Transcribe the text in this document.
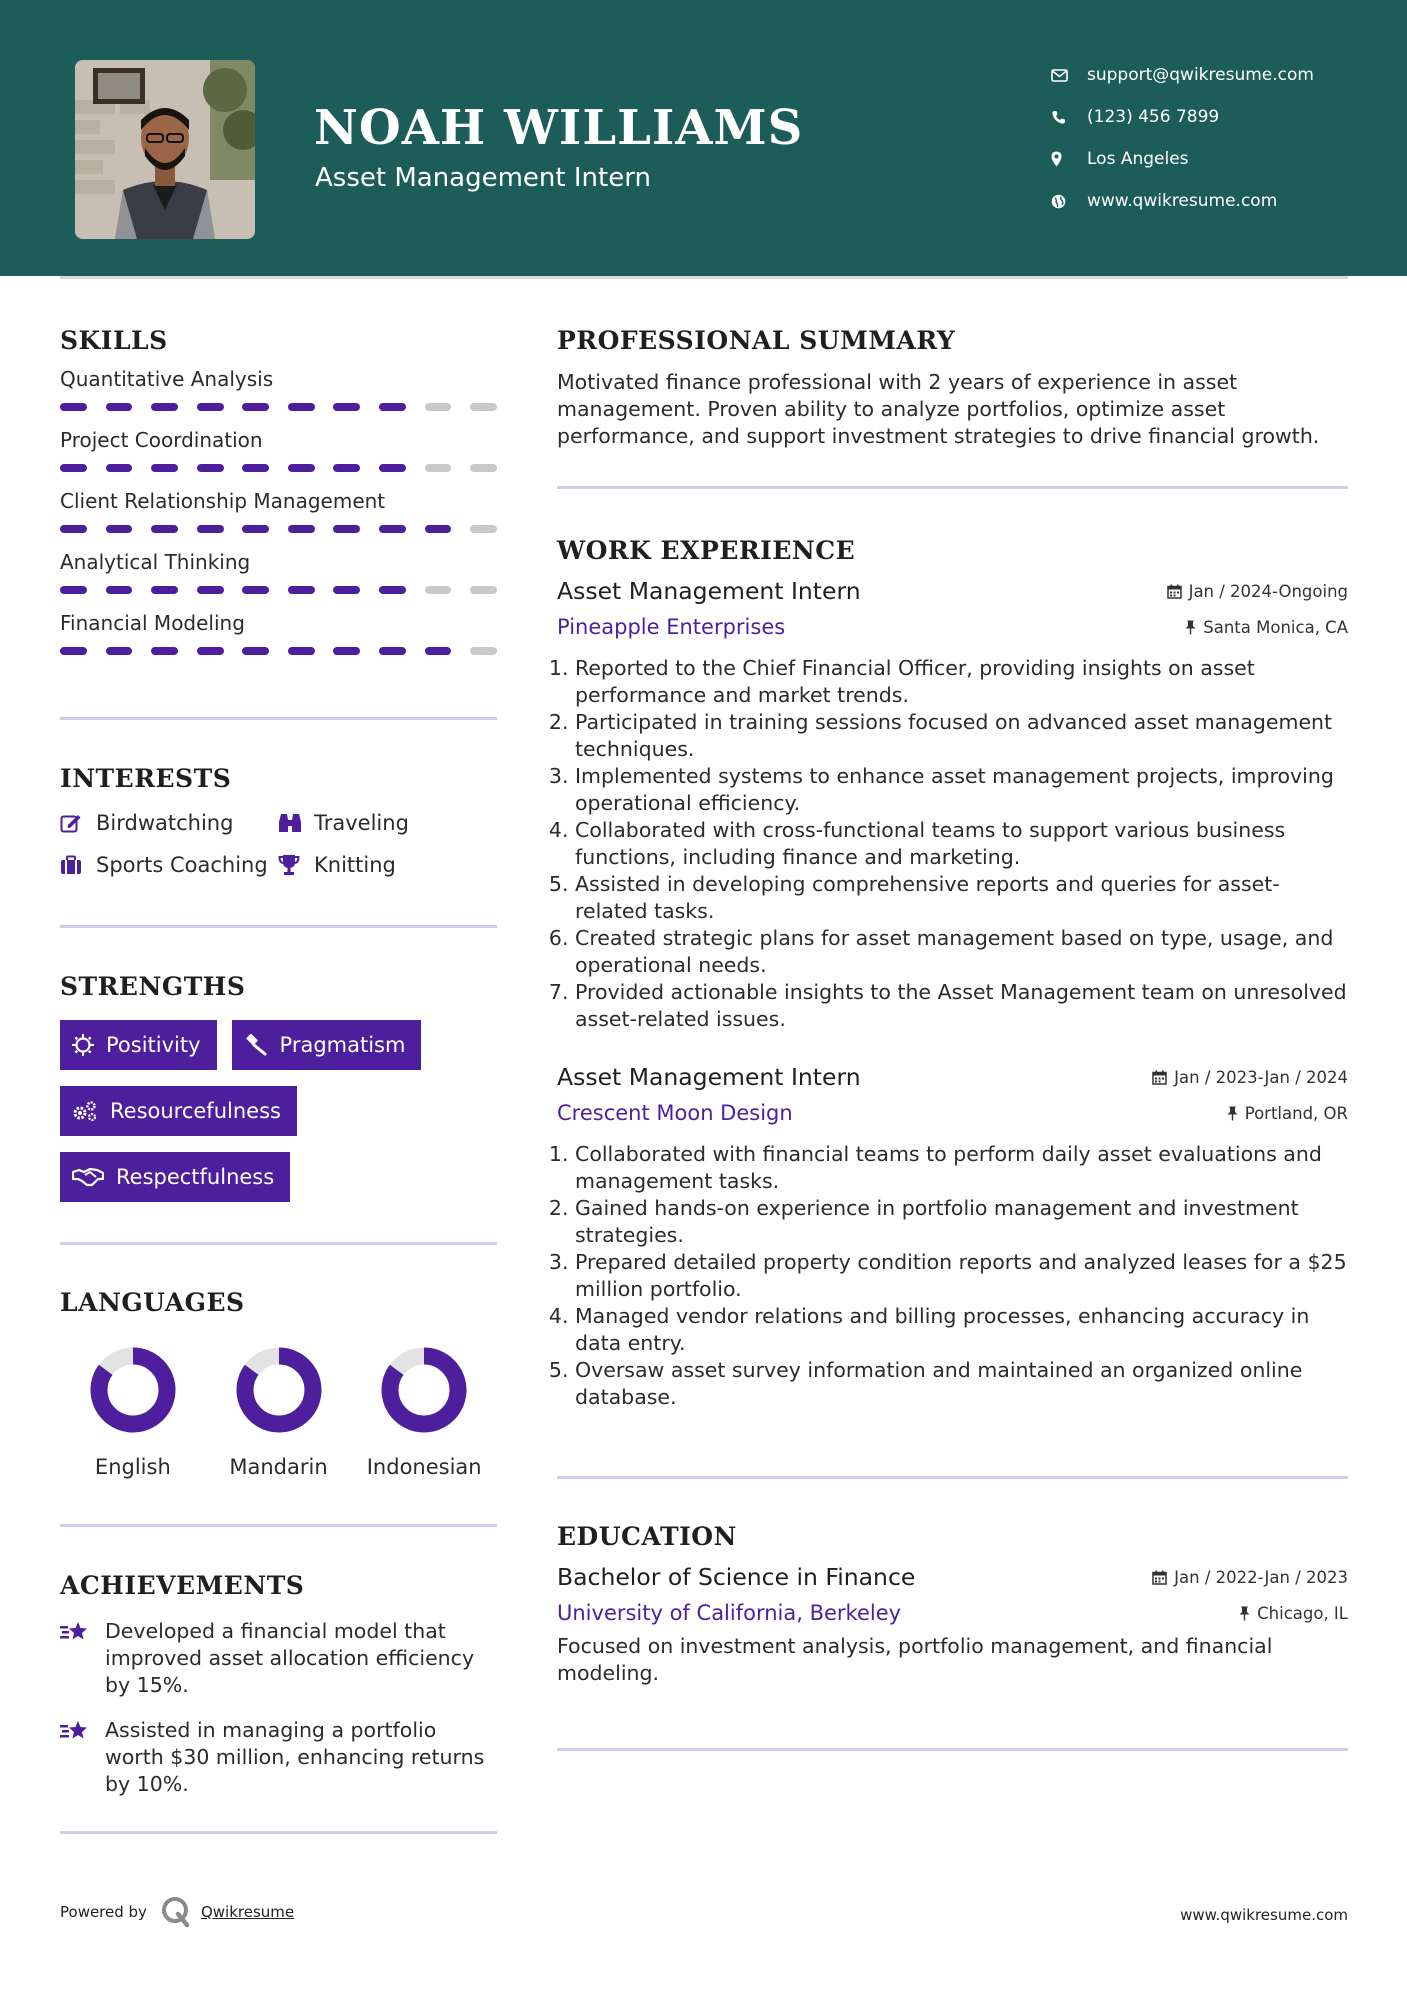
NOAH WILLIAMS
Asset Management Intern
support@qwikresume.com
(123) 456 7899
Los Angeles
www.qwikresume.com
SKILLS
Quantitative Analysis
Project Coordination
Client Relationship Management
Analytical Thinking
Financial Modeling
INTERESTS
Birdwatching	Traveling
Sports Coaching Knitting
STRENGTHS
Positivity	Pragmatism
Resourcefulness
Respectfulness
LANGUAGES
English	Mandarin Indonesian
ACHIEVEMENTS
Developed a financial model that improved asset allocation efficiency by 15%.
Assisted in managing a portfolio worth $30 million, enhancing returns by 10%.
PROFESSIONAL SUMMARY
Motivated finance professional with 2 years of experience in asset management. Proven ability to analyze portfolios, optimize asset performance, and support investment strategies to drive financial growth.
WORK EXPERIENCE
Asset Management Intern	Jan / 2024-Ongoing
Pineapple Enterprises	Santa Monica, CA
1. Reported to the Chief Financial Officer, providing insights on asset performance and market trends.
2. Participated in training sessions focused on advanced asset management techniques.
3. Implemented systems to enhance asset management projects, improving operational efficiency.
4. Collaborated with cross-functional teams to support various business functions, including finance and marketing.
5. Assisted in developing comprehensive reports and queries for asset-related tasks.
6. Created strategic plans for asset management based on type, usage, and operational needs.
7. Provided actionable insights to the Asset Management team on unresolved asset-related issues.
Asset Management Intern	Jan / 2023-Jan / 2024
Crescent Moon Design	Portland, OR
1. Collaborated with financial teams to perform daily asset evaluations and management tasks.
2. Gained hands-on experience in portfolio management and investment strategies.
3. Prepared detailed property condition reports and analyzed leases for a $25 million portfolio.
4. Managed vendor relations and billing processes, enhancing accuracy in data entry.
5. Oversaw asset survey information and maintained an organized online database.
EDUCATION
Bachelor of Science in Finance	Jan / 2022-Jan / 2023
University of California, Berkeley	Chicago, IL
Focused on investment analysis, portfolio management, and financial modeling.
Powered by	Qwikresume	www.qwikresume.com
